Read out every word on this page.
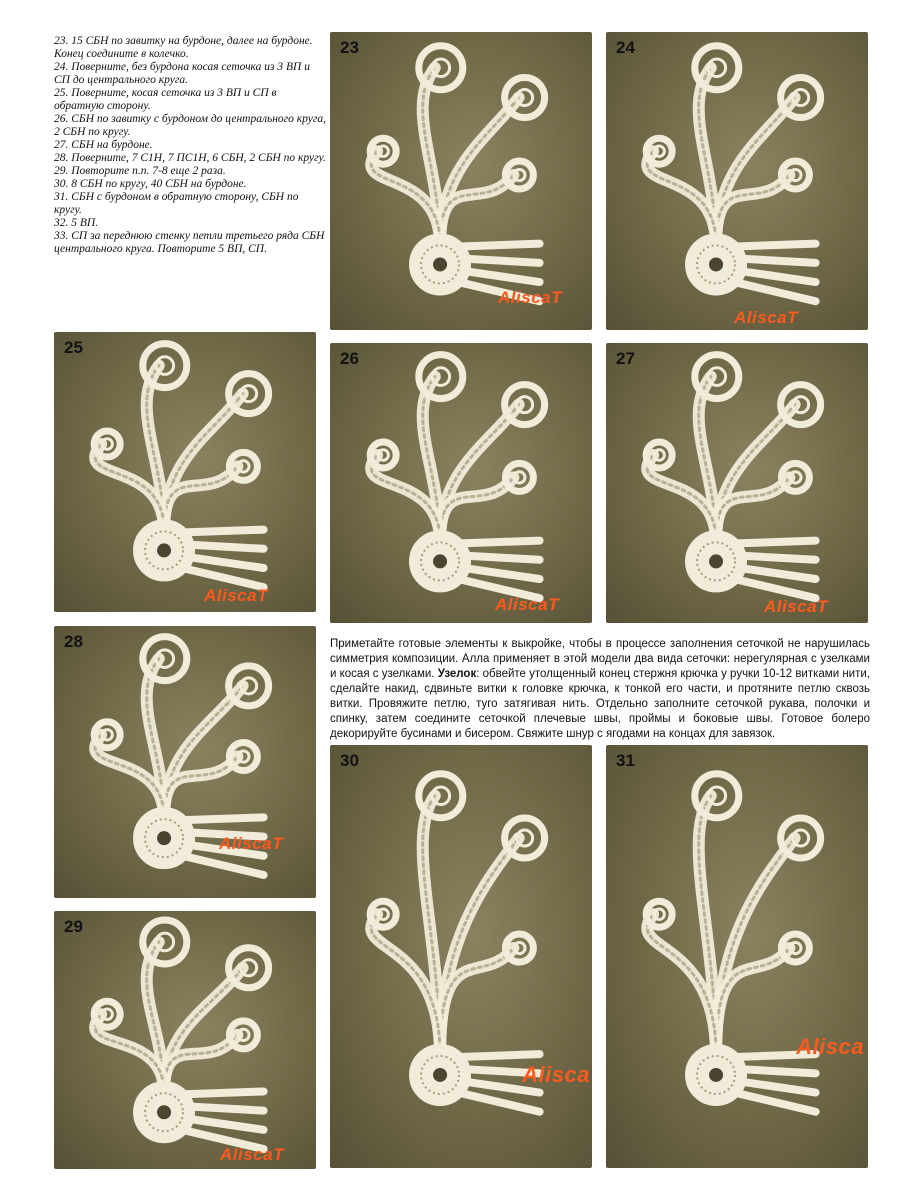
23. 15 СБН по завитку на бурдоне, далее на бурдоне. Конец соедините в колечко.

24. Поверните, без бурдона косая сеточка из 3 ВП и СП до центрального круга.

25. Поверните, косая сеточка из 3 ВП и СП в обратную сторону.

26. СБН по завитку с бурдоном до центрального круга, 2 СБН по кругу.

27. СБН на бурдоне.

28. Поверните, 7 С1Н, 7 ПС1Н, 6 СБН, 2 СБН по кругу.

29. Повторите п.п. 7-8 еще 2 раза.

30. 8 СБН по кругу, 40 СБН на бурдоне.

31. СБН с бурдоном в обратную сторону, СБН по кругу.

32. 5 ВП.

33. СП за переднюю стенку петли третьего ряда СБН центрального круга. Повторите 5 ВП, СП.

23
AliscaT
24
AliscaT
25
AliscaT
26
AliscaT
27
AliscaT
28
AliscaT
29
AliscaT
30
Alisca
31
Alisca
Приметайте готовые элементы к выкройке, чтобы в процессе заполнения сеточкой не нарушилась симметрия композиции. Алла применяет в этой модели два вида сеточки: нерегулярная с узелками и косая с узелками. Узелок: обвейте утолщенный конец стержня крючка у ручки 10-12 витками нити, сделайте накид, сдвиньте витки к головке крючка, к тонкой его части, и протяните петлю сквозь витки. Провяжите петлю, туго затягивая нить. Отдельно заполните сеточкой рукава, полочки и спинку, затем соедините сеточкой плечевые швы, проймы и боковые швы. Готовое болеро декорируйте бусинами и бисером. Свяжите шнур с ягодами на концах для завязок.
